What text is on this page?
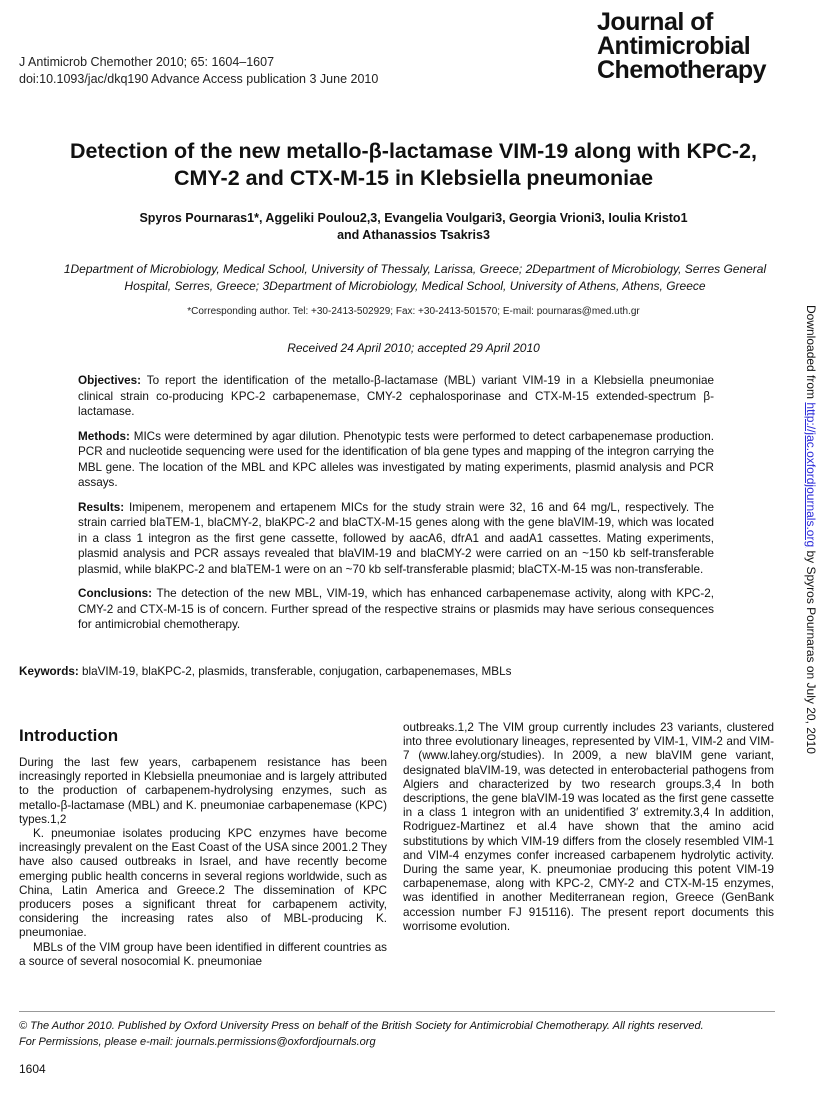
J Antimicrob Chemother 2010; 65: 1604–1607
doi:10.1093/jac/dkq190 Advance Access publication 3 June 2010
Journal of
Antimicrobial
Chemotherapy
Detection of the new metallo-β-lactamase VIM-19 along with KPC-2,
CMY-2 and CTX-M-15 in Klebsiella pneumoniae
Spyros Pournaras1*, Aggeliki Poulou2,3, Evangelia Voulgari3, Georgia Vrioni3, Ioulia Kristo1
and Athanassios Tsakris3
1Department of Microbiology, Medical School, University of Thessaly, Larissa, Greece; 2Department of Microbiology, Serres General
Hospital, Serres, Greece; 3Department of Microbiology, Medical School, University of Athens, Athens, Greece
*Corresponding author. Tel: +30-2413-502929; Fax: +30-2413-501570; E-mail: pournaras@med.uth.gr
Received 24 April 2010; accepted 29 April 2010

Objectives: To report the identification of the metallo-β-lactamase (MBL) variant VIM-19 in a Klebsiella pneumoniae clinical strain co-producing KPC-2 carbapenemase, CMY-2 cephalosporinase and CTX-M-15 extended-spectrum β-lactamase.

Methods: MICs were determined by agar dilution. Phenotypic tests were performed to detect carbapenemase production. PCR and nucleotide sequencing were used for the identification of bla gene types and mapping of the integron carrying the MBL gene. The location of the MBL and KPC alleles was investigated by mating experiments, plasmid analysis and PCR assays.

Results: Imipenem, meropenem and ertapenem MICs for the study strain were 32, 16 and 64 mg/L, respectively. The strain carried blaTEM-1, blaCMY-2, blaKPC-2 and blaCTX-M-15 genes along with the gene blaVIM-19, which was located in a class 1 integron as the first gene cassette, followed by aacA6, dfrA1 and aadA1 cassettes. Mating experiments, plasmid analysis and PCR assays revealed that blaVIM-19 and blaCMY-2 were carried on an ~150 kb self-transferable plasmid, while blaKPC-2 and blaTEM-1 were on an ~70 kb self-transferable plasmid; blaCTX-M-15 was non-transferable.

Conclusions: The detection of the new MBL, VIM-19, which has enhanced carbapenemase activity, along with KPC-2, CMY-2 and CTX-M-15 is of concern. Further spread of the respective strains or plasmids may have serious consequences for antimicrobial chemotherapy.

Keywords: blaVIM-19, blaKPC-2, plasmids, transferable, conjugation, carbapenemases, MBLs
Downloaded from http://jac.oxfordjournals.org by Spyros Pournaras on July 20, 2010
Introduction

During the last few years, carbapenem resistance has been increasingly reported in Klebsiella pneumoniae and is largely attributed to the production of carbapenem-hydrolysing enzymes, such as metallo-β-lactamase (MBL) and K. pneumoniae carbapenemase (KPC) types.1,2

K. pneumoniae isolates producing KPC enzymes have become increasingly prevalent on the East Coast of the USA since 2001.2 They have also caused outbreaks in Israel, and have recently become emerging public health concerns in several regions worldwide, such as China, Latin America and Greece.2 The dissemination of KPC producers poses a significant threat for carbapenem activity, considering the increasing rates also of MBL-producing K. pneumoniae.

MBLs of the VIM group have been identified in different countries as a source of several nosocomial K. pneumoniae

outbreaks.1,2 The VIM group currently includes 23 variants, clustered into three evolutionary lineages, represented by VIM-1, VIM-2 and VIM-7 (www.lahey.org/studies). In 2009, a new blaVIM gene variant, designated blaVIM-19, was detected in enterobacterial pathogens from Algiers and characterized by two research groups.3,4 In both descriptions, the gene blaVIM-19 was located as the first gene cassette in a class 1 integron with an unidentified 3′ extremity.3,4 In addition, Rodriguez-Martinez et al.4 have shown that the amino acid substitutions by which VIM-19 differs from the closely resembled VIM-1 and VIM-4 enzymes confer increased carbapenem hydrolytic activity. During the same year, K. pneumoniae producing this potent VIM-19 carbapenemase, along with KPC-2, CMY-2 and CTX-M-15 enzymes, was identified in another Mediterranean region, Greece (GenBank accession number FJ 915116). The present report documents this worrisome evolution.

© The Author 2010. Published by Oxford University Press on behalf of the British Society for Antimicrobial Chemotherapy. All rights reserved.
For Permissions, please e-mail: journals.permissions@oxfordjournals.org
1604
